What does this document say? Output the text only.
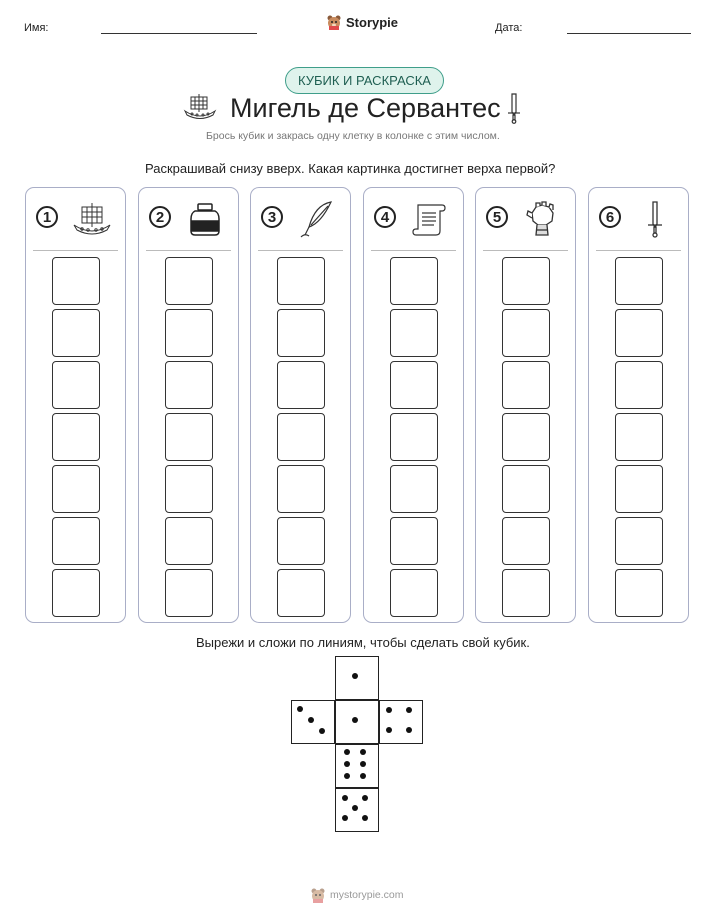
Имя:	Storypie	Дата:
КУБИК И РАСКРАСКА
Мигель де Сервантес
Брось кубик и закрась одну клетку в колонке с этим числом.
Раскрашивай снизу вверх. Какая картинка достигнет верха первой?
1	2	3	4	5	6
Вырежи и сложи по линиям, чтобы сделать свой кубик.
mystorypie.com
